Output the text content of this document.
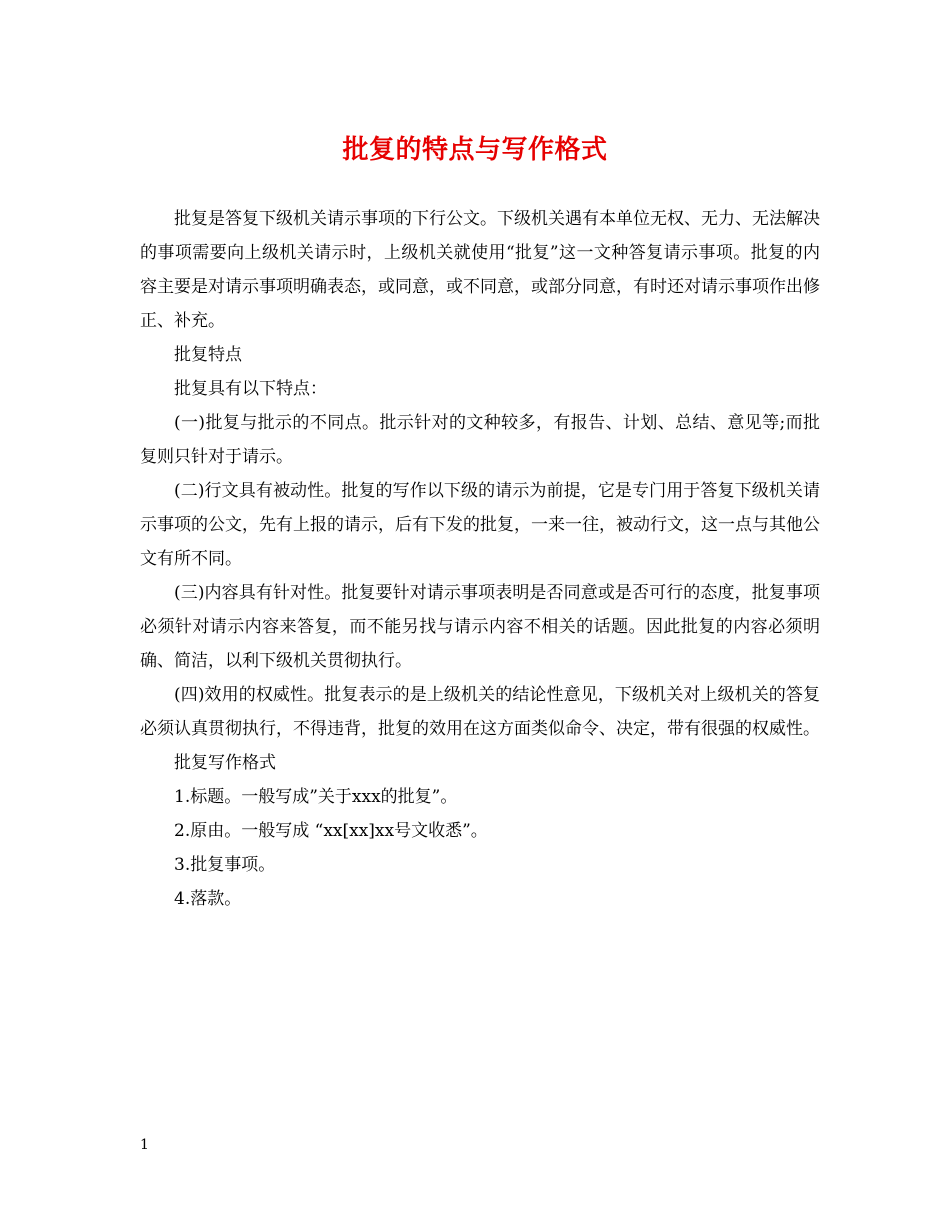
批复的特点与写作格式

批复是答复下级机关请示事项的下行公文。下级机关遇有本单位无权、无力、无法解决的事项需要向上级机关请示时，上级机关就使用“批复”这一文种答复请示事项。批复的内容主要是对请示事项明确表态，或同意，或不同意，或部分同意，有时还对请示事项作出修正、补充。

批复特点

批复具有以下特点：

(一)批复与批示的不同点。批示针对的文种较多，有报告、计划、总结、意见等;而批复则只针对于请示。

(二)行文具有被动性。批复的写作以下级的请示为前提，它是专门用于答复下级机关请示事项的公文，先有上报的请示，后有下发的批复，一来一往，被动行文，这一点与其他公文有所不同。

(三)内容具有针对性。批复要针对请示事项表明是否同意或是否可行的态度，批复事项必须针对请示内容来答复，而不能另找与请示内容不相关的话题。因此批复的内容必须明确、简洁，以利下级机关贯彻执行。

(四)效用的权威性。批复表示的是上级机关的结论性意见，下级机关对上级机关的答复必须认真贯彻执行，不得违背，批复的效用在这方面类似命令、决定，带有很强的权威性。

批复写作格式

1.标题。一般写成”关于xxx的批复”。

2.原由。一般写成 “xx[xx]xx号文收悉”。

3.批复事项。

4.落款。

1
